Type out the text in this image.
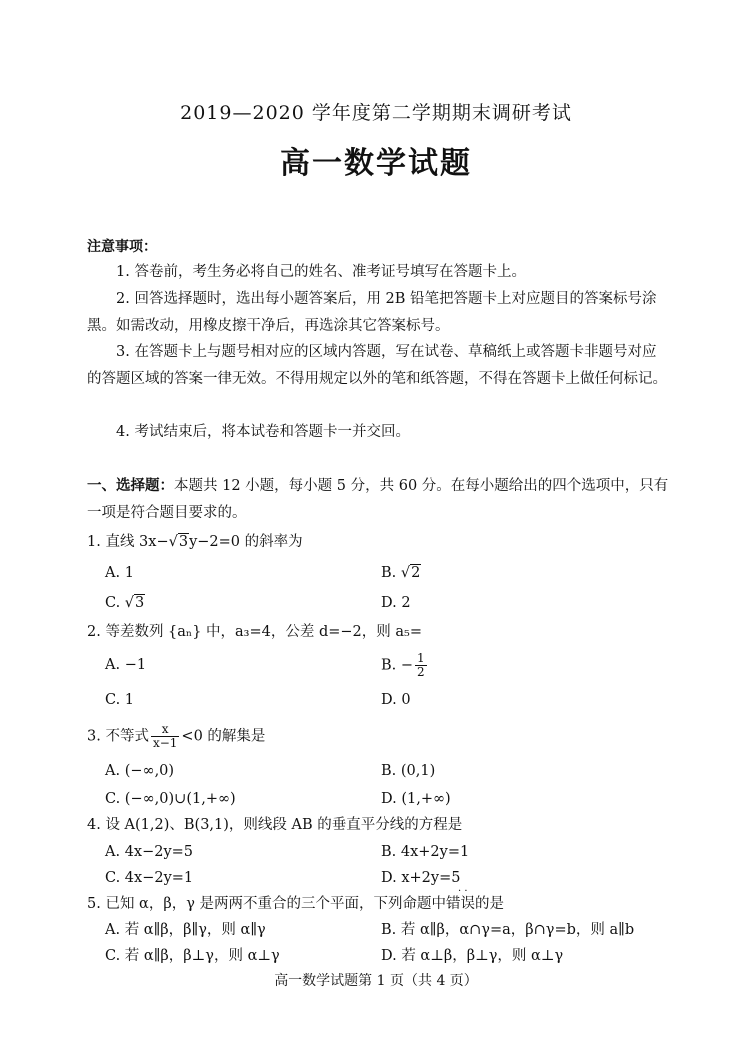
2019—2020 学年度第二学期期末调研考试
高一数学试题
注意事项：
1. 答卷前，考生务必将自己的姓名、准考证号填写在答题卡上。
2. 回答选择题时，选出每小题答案后，用 2B 铅笔把答题卡上对应题目的答案标号涂黑。如需改动，用橡皮擦干净后，再选涂其它答案标号。
3. 在答题卡上与题号相对应的区域内答题，写在试卷、草稿纸上或答题卡非题号对应的答题区域的答案一律无效。不得用规定以外的笔和纸答题，不得在答题卡上做任何标记。
4. 考试结束后，将本试卷和答题卡一并交回。
一、选择题：本题共 12 小题，每小题 5 分，共 60 分。在每小题给出的四个选项中，只有一项是符合题目要求的。
1. 直线 3x−√3y−2=0 的斜率为
A. 1	B. √2
C. √3	D. 2
2. 等差数列 {aₙ} 中，a₃=4，公差 d=−2，则 a₅=
A. −1	B. − $\frac{1}{2}$
C. 1	D. 0
3. 不等式 $\frac{x}{x-1} <0$ 的解集是
A. (−∞,0)	B. (0,1)
C. (−∞,0)∪(1,+∞)	D. (1,+∞)
4. 设 A(1,2)、B(3,1)，则线段 AB 的垂直平分线的方程是
A. 4x−2y=5	B. 4x+2y=1
C. 4x−2y=1	D. x+2y=5
· ·
5. 已知 α，β，γ 是两两不重合的三个平面，下列命题中错误的是
A. 若 α∥β，β∥γ，则 α∥γ	B. 若 α∥β，α∩γ=a，β∩γ=b，则 a∥b
C. 若 α∥β，β⊥γ，则 α⊥γ	D. 若 α⊥β，β⊥γ，则 α⊥γ
高一数学试题第 1 页（共 4 页）
